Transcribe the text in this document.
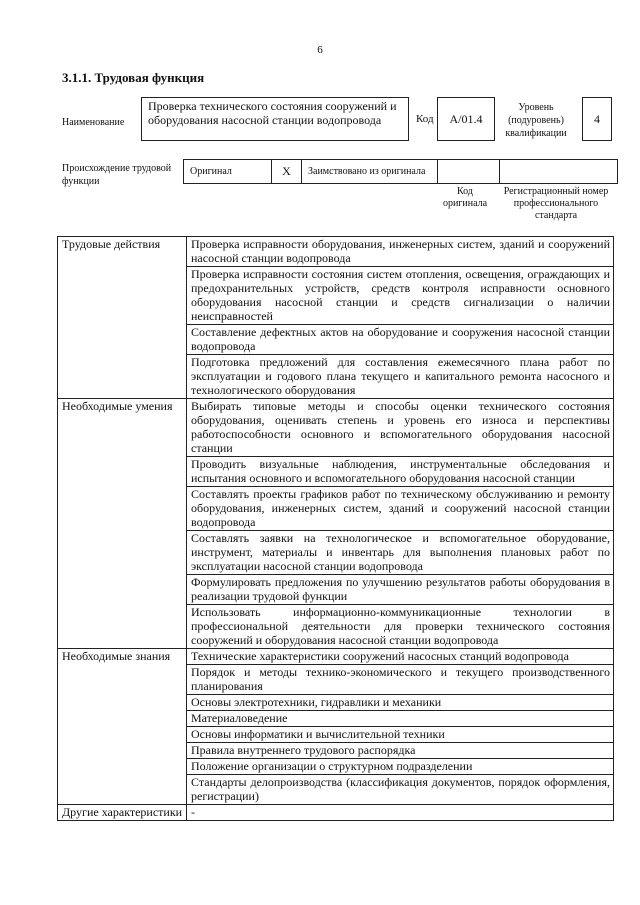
6
3.1.1. Трудовая функция
Наименование
Проверка технического состояния сооружений и оборудования насосной станции водопровода	Код	A/01.4
Уровень (подуровень) квалификации
4
Происхождение трудовой функции
Оригинал	X	Заимствовано из оригинала		
Код оригинала
Регистрационный номер профессионального стандарта
Трудовые действия	Проверка исправности оборудования, инженерных систем, зданий и сооружений насосной станции водопровода
	Проверка исправности состояния систем отопления, освещения, ограждающих и предохранительных устройств, средств контроля исправности основного оборудования насосной станции и средств сигнализации о наличии неисправностей
	Составление дефектных актов на оборудование и сооружения насосной станции водопровода
	Подготовка предложений для составления ежемесячного плана работ по эксплуатации и годового плана текущего и капитального ремонта насосного и технологического оборудования
Необходимые умения	Выбирать типовые методы и способы оценки технического состояния оборудования, оценивать степень и уровень его износа и перспективы работоспособности основного и вспомогательного оборудования насосной станции
	Проводить визуальные наблюдения, инструментальные обследования и испытания основного и вспомогательного оборудования насосной станции
	Составлять проекты графиков работ по техническому обслуживанию и ремонту оборудования, инженерных систем, зданий и сооружений насосной станции водопровода
	Составлять заявки на технологическое и вспомогательное оборудование, инструмент, материалы и инвентарь для выполнения плановых работ по эксплуатации насосной станции водопровода
	Формулировать предложения по улучшению результатов работы оборудования в реализации трудовой функции
	Использовать информационно-коммуникационные технологии в профессиональной деятельности для проверки технического состояния сооружений и оборудования насосной станции водопровода
Необходимые знания	Технические характеристики сооружений насосных станций водопровода
	Порядок и методы технико-экономического и текущего производственного планирования
	Основы электротехники, гидравлики и механики
	Материаловедение
	Основы информатики и вычислительной техники
	Правила внутреннего трудового распорядка
	Положение организации о структурном подразделении
	Стандарты делопроизводства (классификация документов, порядок оформления, регистрации)
Другие характеристики	-
